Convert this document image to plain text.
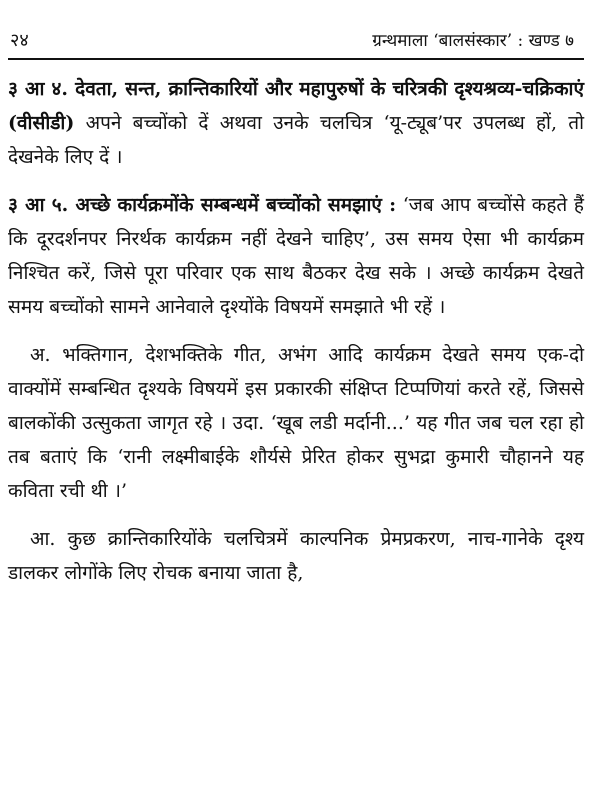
२४	ग्रन्थमाला ‘बालसंस्कार’ : खण्ड ७

३ आ ४. देवता, सन्त, क्रान्तिकारियों और महापुरुषों के चरित्रकी दृश्यश्रव्य-चक्रिकाएं (वीसीडी) अपने बच्चोंको दें अथवा उनके चलचित्र ‘यू-ट्यूब’पर उपलब्ध हों, तो देखनेके लिए दें ।

३ आ ५. अच्छे कार्यक्रमोंके सम्बन्धमें बच्चोंको समझाएं : ‘जब आप बच्चोंसे कहते हैं कि दूरदर्शनपर निरर्थक कार्यक्रम नहीं देखने चाहिए’, उस समय ऐसा भी कार्यक्रम निश्‍चित करें, जिसे पूरा परिवार एक साथ बैठकर देख सके । अच्छे कार्यक्रम देखते समय बच्चोंको सामने आनेवाले दृश्योंके विषयमें समझाते भी रहें ।

अ. भक्तिगान, देशभक्तिके गीत, अभंग आदि कार्यक्रम देखते समय एक-दो वाक्योंमें सम्बन्धित दृश्यके विषयमें इस प्रकारकी संक्षिप्त टिप्पणियां करते रहें, जिससे बालकोंकी उत्सुकता जागृत रहे । उदा. ‘खूब लडी मर्दानी...’ यह गीत जब चल रहा हो तब बताएं कि ‘रानी लक्ष्मीबाईके शौर्यसे प्रेरित होकर सुभद्रा कुमारी चौहानने यह कविता रची थी ।’

आ. कुछ क्रान्तिकारियोंके चलचित्रमें काल्पनिक प्रेमप्रकरण, नाच-गानेके दृश्य डालकर लोगोंके लिए रोचक बनाया जाता है,
